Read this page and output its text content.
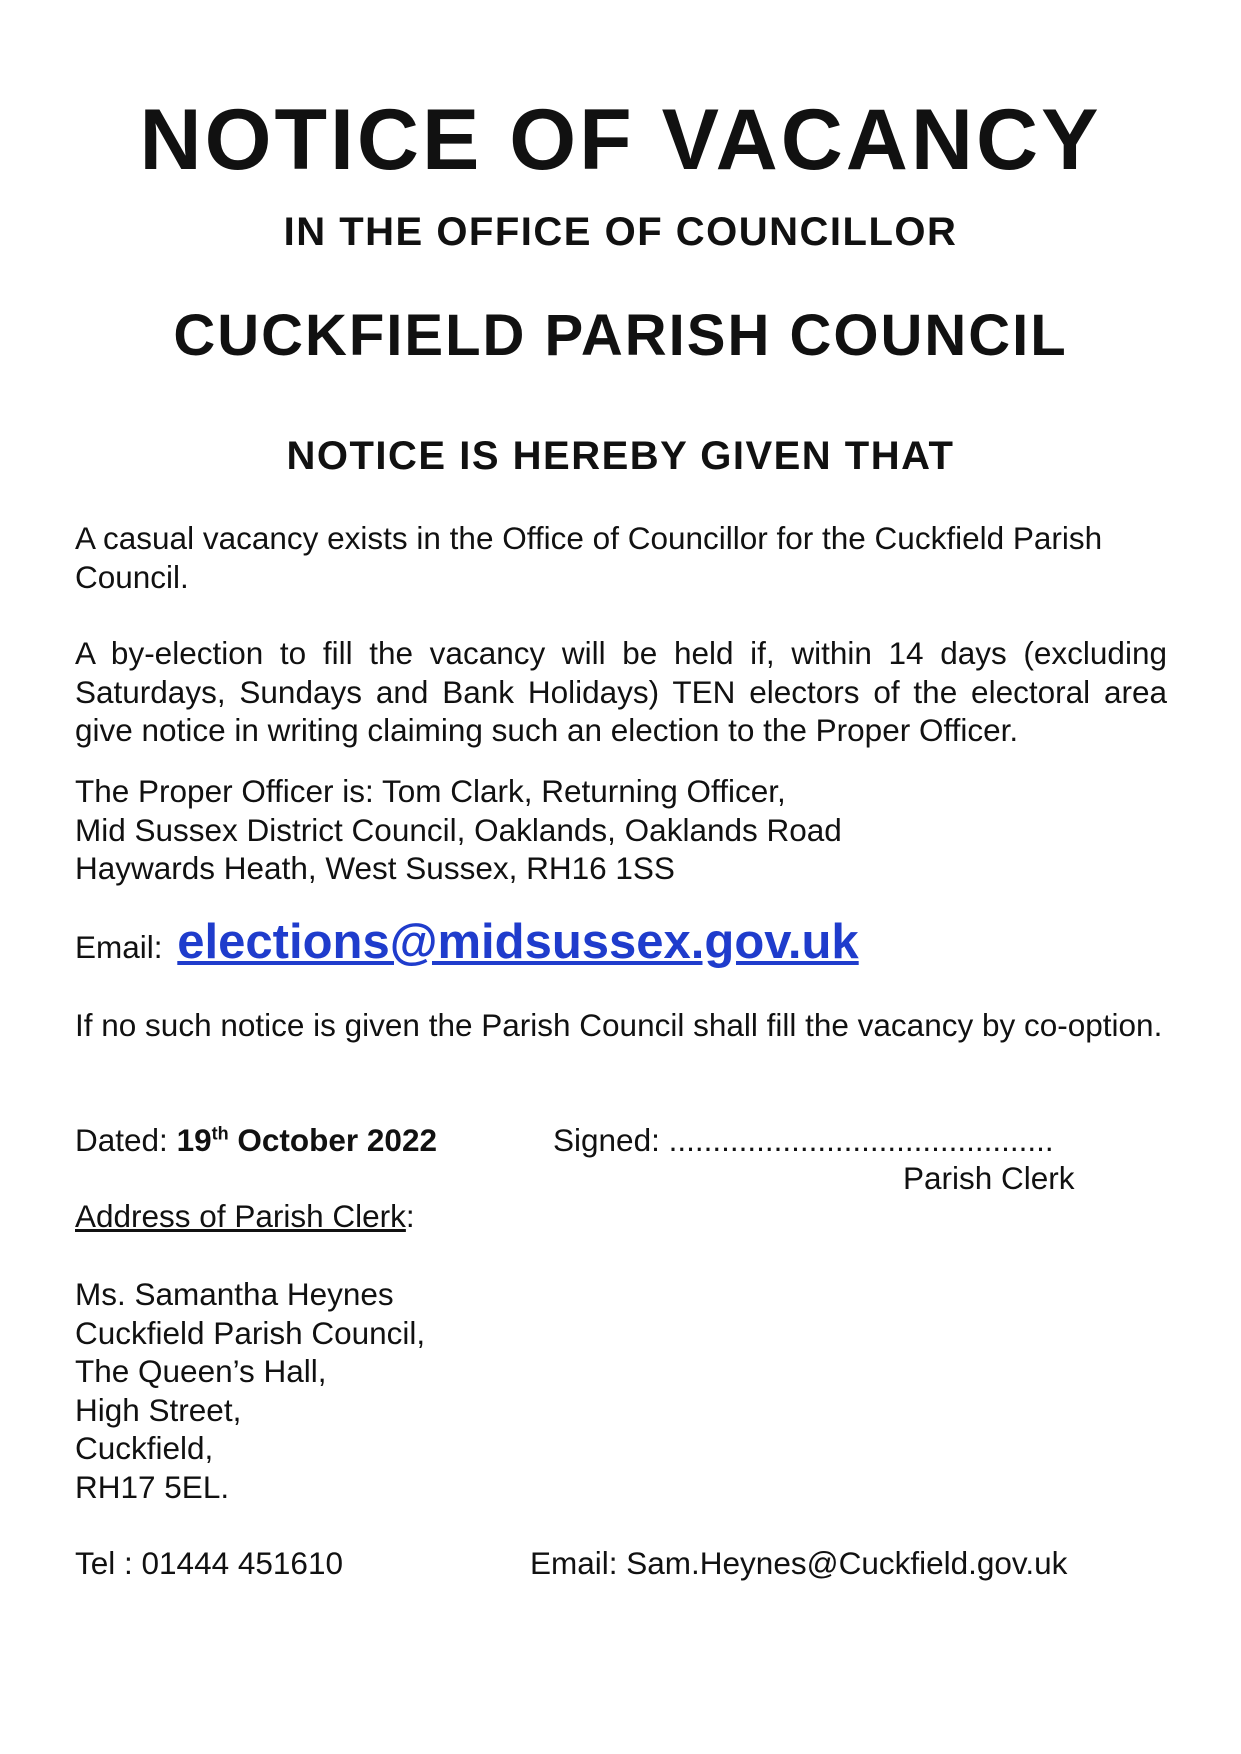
NOTICE OF VACANCY
IN THE OFFICE OF COUNCILLOR
CUCKFIELD PARISH COUNCIL
NOTICE IS HEREBY GIVEN THAT

A casual vacancy exists in the Office of Councillor for the Cuckfield Parish Council.

A by-election to fill the vacancy will be held if, within 14 days (excluding Saturdays, Sundays and Bank Holidays) TEN electors of the electoral area give notice in writing claiming such an election to the Proper Officer.

The Proper Officer is: Tom Clark, Returning Officer,
Mid Sussex District Council, Oaklands, Oaklands Road
Haywards Heath, West Sussex, RH16 1SS
Email: elections@midsussex.gov.uk

If no such notice is given the Parish Council shall fill the vacancy by co-option.

Dated: 19th October 2022	Signed: ............................................
Parish Clerk
Address of Parish Clerk:
Ms. Samantha Heynes
Cuckfield Parish Council,
The Queen’s Hall,
High Street,
Cuckfield,
RH17 5EL.
Tel : 01444 451610	Email: Sam.Heynes@Cuckfield.gov.uk
